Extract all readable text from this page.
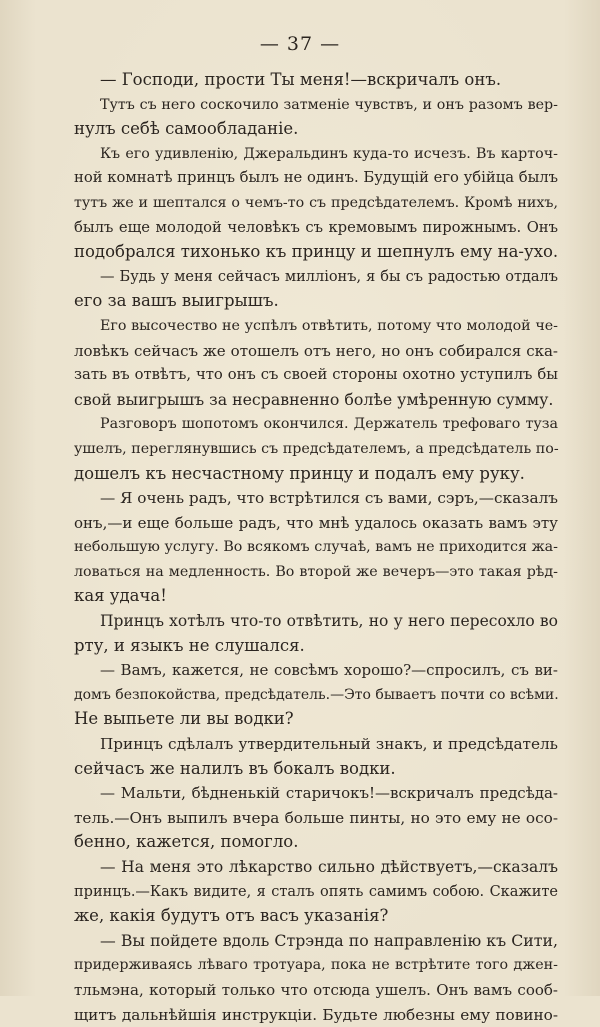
— 37 —
— Господи, прости Ты меня!—вскричалъ онъ.
Тутъ съ него соскочило затменіе чувствъ, и онъ разомъ вер-
нулъ себѣ самообладаніе.
Къ его удивленію, Джеральдинъ куда-то исчезъ. Въ карточ-
ной комнатѣ принцъ былъ не одинъ. Будущій его убійца былъ
тутъ же и шептался о чемъ-то съ предсѣдателемъ. Кромѣ нихъ,
былъ еще молодой человѣкъ съ кремовымъ пирожнымъ. Онъ
подобрался тихонько къ принцу и шепнулъ ему на-ухо.
— Будь у меня сейчасъ милліонъ, я бы съ радостью отдалъ
его за вашъ выигрышъ.
Его высочество не успѣлъ отвѣтить, потому что молодой че-
ловѣкъ сейчасъ же отошелъ отъ него, но онъ собирался ска-
зать въ отвѣтъ, что онъ съ своей стороны охотно уступилъ бы
свой выигрышъ за несравненно болѣе умѣренную сумму.
Разговоръ шопотомъ окончился. Держатель трефоваго туза
ушелъ, переглянувшись съ предсѣдателемъ, а предсѣдатель по-
дошелъ къ несчастному принцу и подалъ ему руку.
— Я очень радъ, что встрѣтился съ вами, сэръ,—сказалъ
онъ,—и еще больше радъ, что мнѣ удалось оказать вамъ эту
небольшую услугу. Во всякомъ случаѣ, вамъ не приходится жа-
ловаться на медленность. Во второй же вечеръ—это такая рѣд-
кая удача!
Принцъ хотѣлъ что-то отвѣтить, но у него пересохло во
рту, и языкъ не слушался.
— Вамъ, кажется, не совсѣмъ хорошо?—спросилъ, съ ви-
домъ безпокойства, предсѣдатель.—Это бываетъ почти со всѣми.
Не выпьете ли вы водки?
Принцъ сдѣлалъ утвердительный знакъ, и предсѣдатель
сейчасъ же налилъ въ бокалъ водки.
— Мальти, бѣдненькій старичокъ!—вскричалъ предсѣда-
тель.—Онъ выпилъ вчера больше пинты, но это ему не осо-
бенно, кажется, помогло.
— На меня это лѣкарство сильно дѣйствуетъ,—сказалъ
принцъ.—Какъ видите, я сталъ опять самимъ собою. Скажите
же, какія будутъ отъ васъ указанія?
— Вы пойдете вдоль Стрэнда по направленію къ Сити,
придерживаясь лѣваго тротуара, пока не встрѣтите того джен-
тльмэна, который только что отсюда ушелъ. Онъ вамъ сооб-
щитъ дальнѣйшія инструкціи. Будьте любезны ему повино-
